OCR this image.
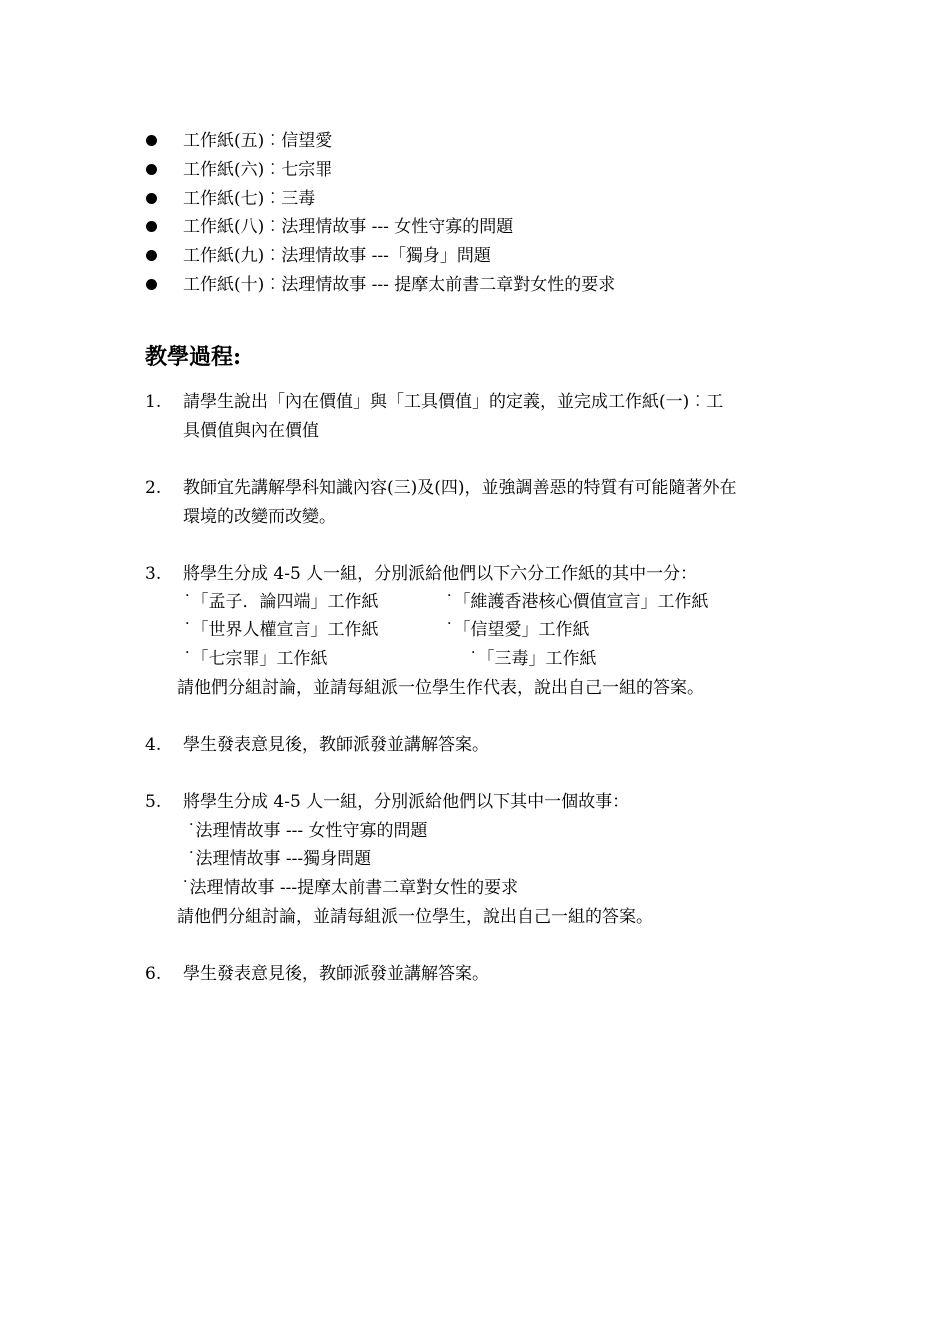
工作紙(五)︰信望愛
工作紙(六)︰七宗罪
工作紙(七)︰三毒
工作紙(八)︰法理情故事 --- 女性守寡的問題
工作紙(九)︰法理情故事 ---「獨身」問題
工作紙(十)︰法理情故事 --- 提摩太前書二章對女性的要求
教學過程:
1. 請學生說出「內在價值」與「工具價值」的定義，並完成工作紙(一)︰工
具價值與內在價值
2. 教師宜先講解學科知識內容(三)及(四)，並強調善惡的特質有可能隨著外在
環境的改變而改變。
3. 將學生分成 4-5 人一組，分別派給他們以下六分工作紙的其中一分：
˙「孟子．論四端」工作紙	˙「維護香港核心價值宣言」工作紙
˙「世界人權宣言」工作紙	˙「信望愛」工作紙
˙「七宗罪」工作紙	˙「三毒」工作紙
請他們分組討論，並請每組派一位學生作代表，說出自己一組的答案。
4. 學生發表意見後，教師派發並講解答案。
5. 將學生分成 4-5 人一組，分別派給他們以下其中一個故事：
˙法理情故事 --- 女性守寡的問題
˙法理情故事 ---獨身問題
˙法理情故事 ---提摩太前書二章對女性的要求
請他們分組討論，並請每組派一位學生，說出自己一組的答案。
6. 學生發表意見後，教師派發並講解答案。
